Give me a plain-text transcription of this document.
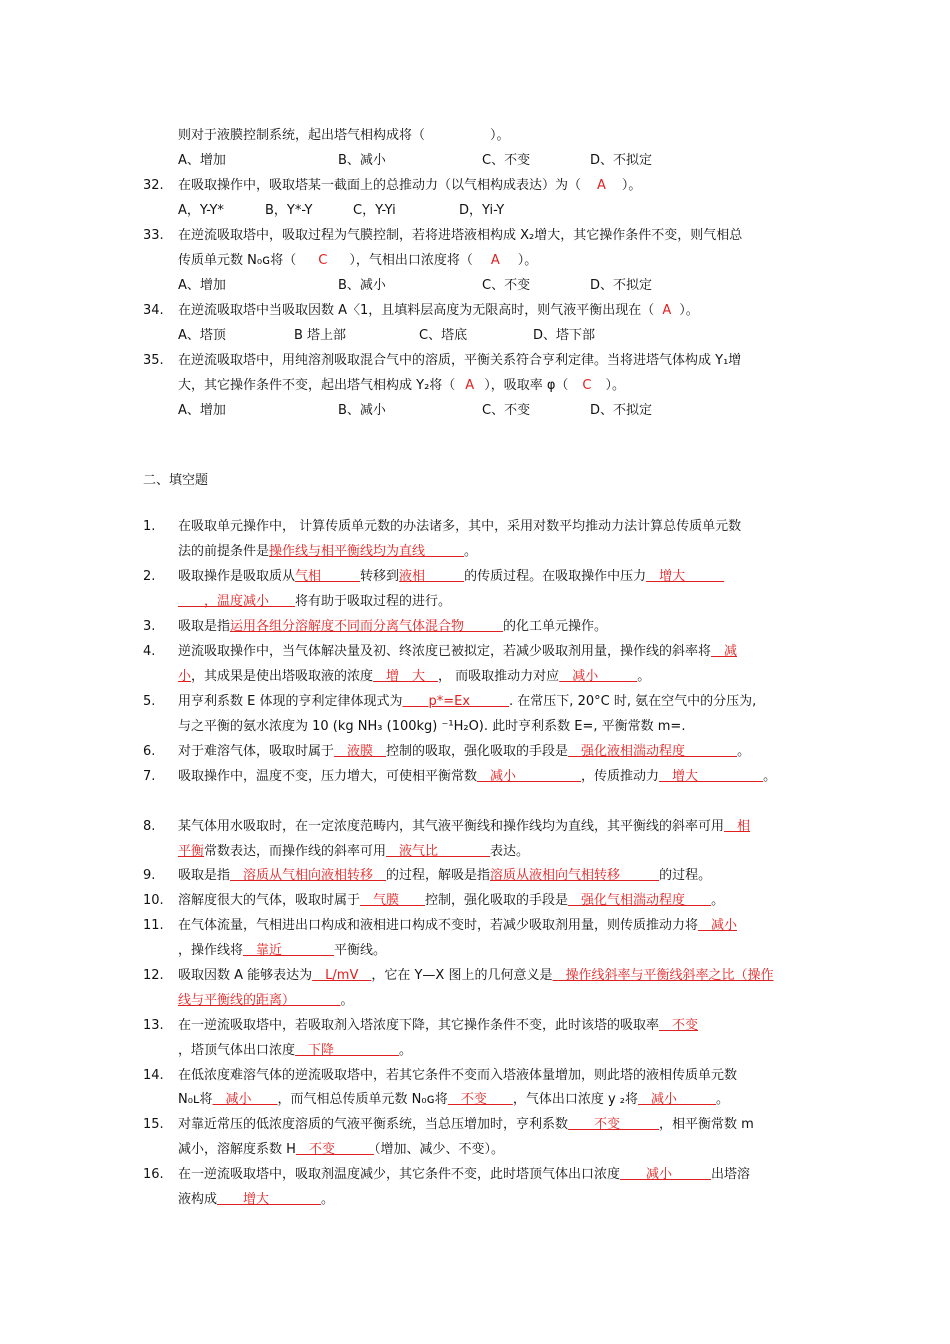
则对于液膜控制系统，起出塔气相构成将（　　　　　）。
A、增加	B、减小	C、不变	D、不拟定
32. 在吸取操作中，吸取塔某一截面上的总推动力（以气相构成表达）为（ A ）。
A，Y-Y*	B，Y*-Y	C，Y-Yi	D，Yi-Y
33. 在逆流吸取塔中，吸取过程为气膜控制，若将进塔液相构成 X₂增大，其它操作条件不变，则气相总
传质单元数 N₀ɢ将（ C ），气相出口浓度将（ A ）。
A、增加	B、减小	C、不变	D、不拟定
34. 在逆流吸取塔中当吸取因数 A〈1，且填料层高度为无限高时，则气液平衡出现在（ A ）。
A、塔顶	B 塔上部	C、塔底	D、塔下部
35. 在逆流吸取塔中，用纯溶剂吸取混合气中的溶质，平衡关系符合亨利定律。当将进塔气体构成 Y₁增
大，其它操作条件不变，起出塔气相构成 Y₂将（ A ），吸取率 φ（ C ）。
A、增加	B、减小	C、不变	D、不拟定
二、填空题
1. 在吸取单元操作中， 计算传质单元数的办法诸多，其中，采用对数平均推动力法计算总传质单元数
法的前提条件是操作线与相平衡线均为直线　　　。
2. 吸取操作是吸取质从气相　　　转移到液相　　　的传质过程。在吸取操作中压力　增大　　　
　　，温度减小　　将有助于吸取过程的进行。
3. 吸取是指运用各组分溶解度不同而分离气体混合物　　　的化工单元操作。
4. 逆流吸取操作中，当气体解决量及初、终浓度已被拟定，若减少吸取剂用量，操作线的斜率将　减
小，其成果是使出塔吸取液的浓度　增　大　， 而吸取推动力对应　减小　　　。
5. 用亨利系数 E 体现的亨利定律体现式为　　p*=Ex　　　. 在常压下, 20°C 时, 氨在空气中的分压为,
与之平衡的氨水浓度为 10 (kg NH₃ (100kg) ⁻¹H₂O). 此时亨利系数 E=, 平衡常数 m=.
6. 对于难溶气体，吸取时属于　液膜　控制的吸取，强化吸取的手段是　强化液相湍动程度　　　　。
7. 吸取操作中，温度不变，压力增大，可使相平衡常数　减小　　　　　，传质推动力　增大　　　　　。
8. 某气体用水吸取时，在一定浓度范畴内，其气液平衡线和操作线均为直线，其平衡线的斜率可用　相
平衡常数表达，而操作线的斜率可用　液气比　　　　表达。
9. 吸取是指　溶质从气相向液相转移　的过程，解吸是指溶质从液相向气相转移　　　的过程。
10. 溶解度很大的气体，吸取时属于　气膜　　控制，强化吸取的手段是　强化气相湍动程度　　。
11. 在气体流量，气相进出口构成和液相进口构成不变时，若减少吸取剂用量，则传质推动力将　减小
，操作线将　靠近　　　　平衡线。
12. 吸取因数 A 能够表达为　L/mV　，它在 Y—X 图上的几何意义是　操作线斜率与平衡线斜率之比（操作
线与平衡线的距离）　　　　。
13. 在一逆流吸取塔中，若吸取剂入塔浓度下降，其它操作条件不变，此时该塔的吸取率　不变
，塔顶气体出口浓度　下降　　　　　。
14. 在低浓度难溶气体的逆流吸取塔中，若其它条件不变而入塔液体量增加，则此塔的液相传质单元数
N₀ʟ将　减小　　，而气相总传质单元数 N₀ɢ将　不变　　，气体出口浓度 y ₂将　减小　　　。
15. 对靠近常压的低浓度溶质的气液平衡系统，当总压增加时，亨利系数　　不变　　　，相平衡常数 m
减小，溶解度系数 H　不变　　　（增加、减少、不变）。
16. 在一逆流吸取塔中，吸取剂温度减少，其它条件不变，此时塔顶气体出口浓度　　减小　　　出塔溶
液构成　　增大　　　　。
